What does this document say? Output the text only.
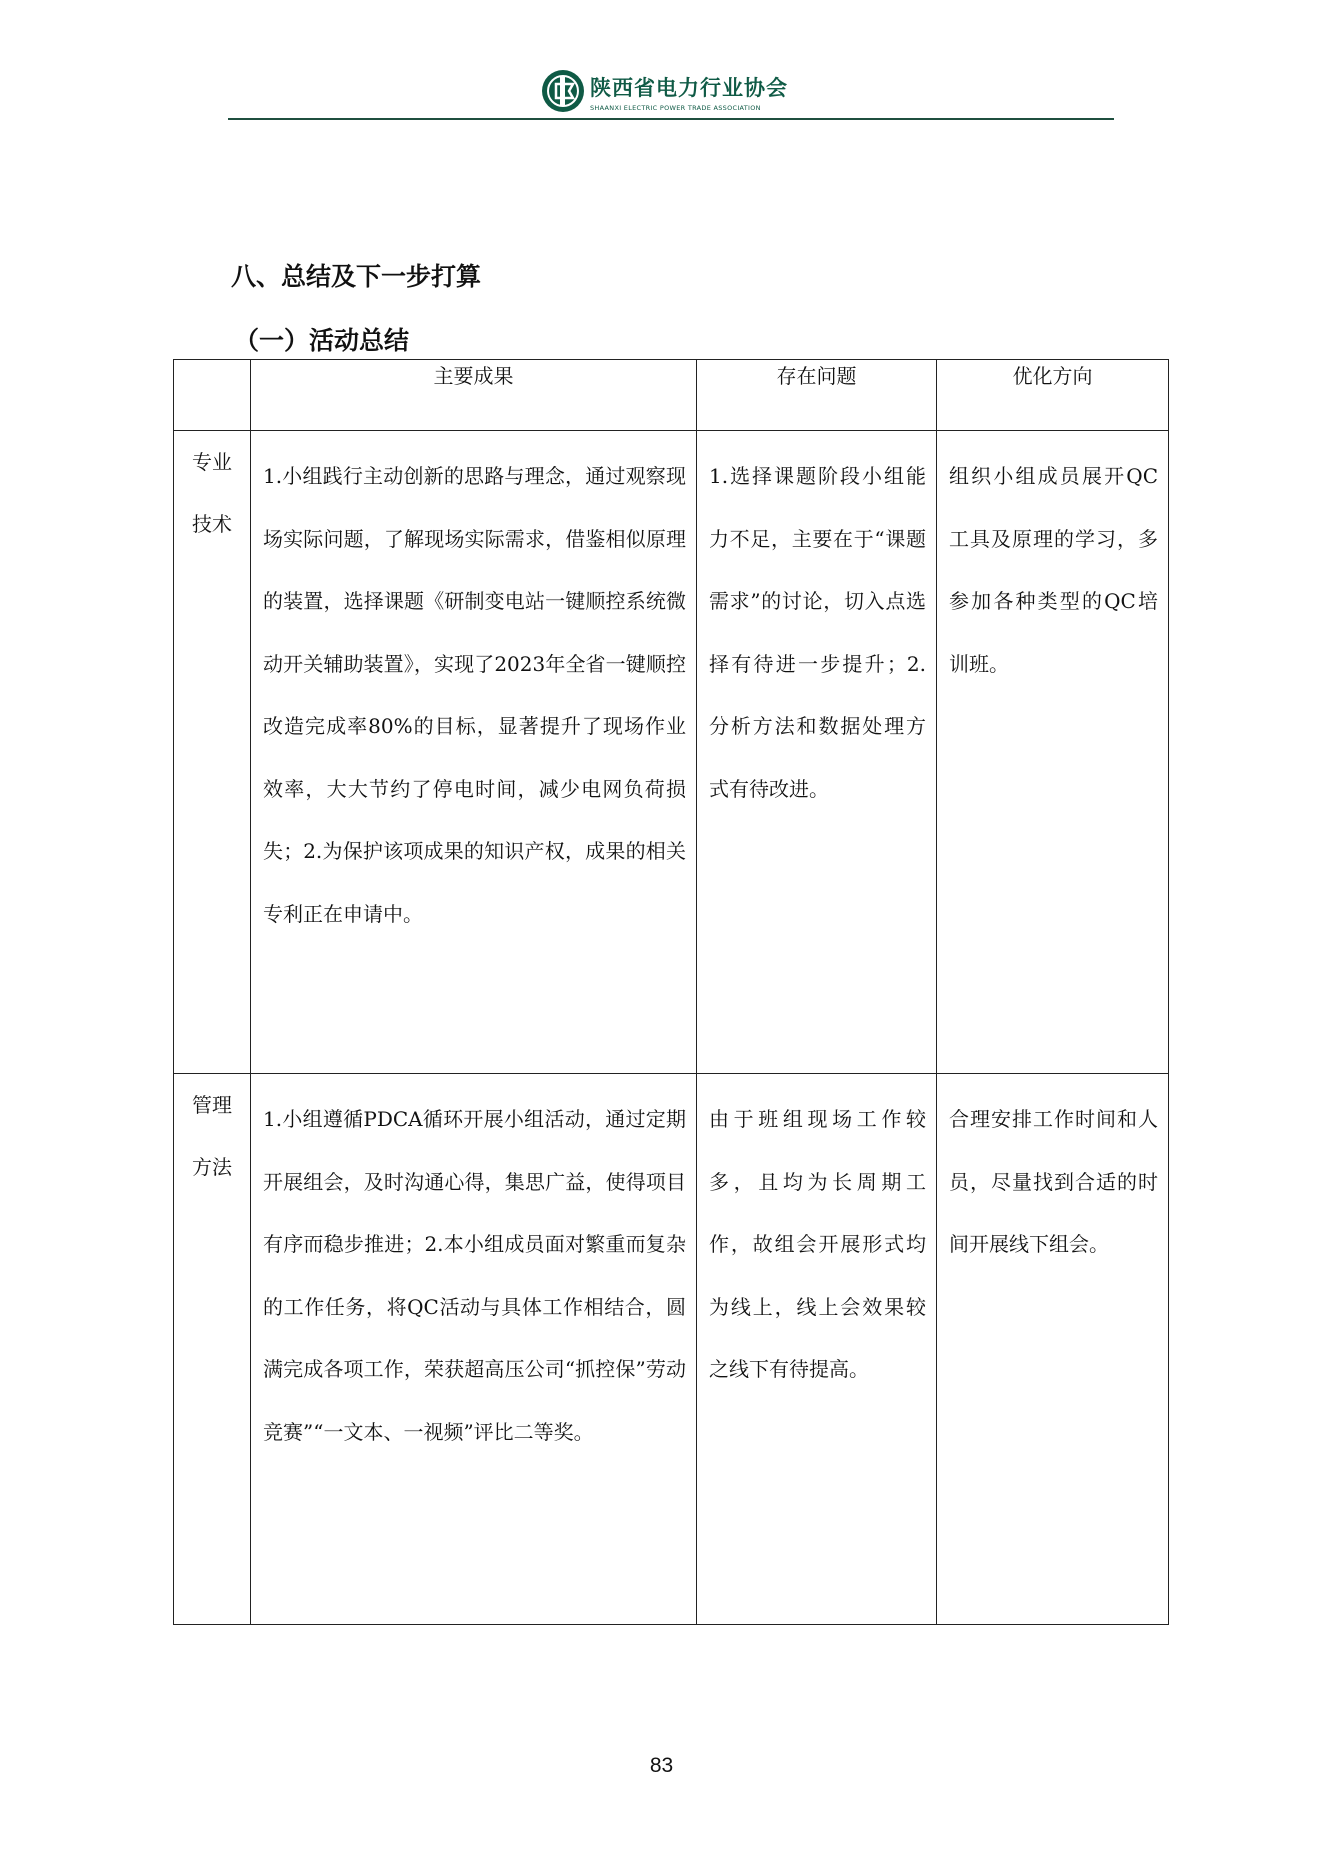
陕西省电力行业协会
SHAANXI ELECTRIC POWER TRADE ASSOCIATION
八、总结及下一步打算
（一）活动总结
	主要成果	存在问题	优化方向
专业
技术	1.小组践行主动创新的思路与理念，通过观察现场实际问题，了解现场实际需求，借鉴相似原理的装置，选择课题《研制变电站一键顺控系统微动开关辅助装置》，实现了2023年全省一键顺控改造完成率80%的目标，显著提升了现场作业效率，大大节约了停电时间，减少电网负荷损失；2.为保护该项成果的知识产权，成果的相关专利正在申请中。	1.选择课题阶段小组能力不足，主要在于“课题需求”的讨论，切入点选择有待进一步提升；2.分析方法和数据处理方式有待改进。	组织小组成员展开QC工具及原理的学习，多参加各种类型的QC培训班。
管理
方法	1.小组遵循PDCA循环开展小组活动，通过定期开展组会，及时沟通心得，集思广益，使得项目有序而稳步推进；2.本小组成员面对繁重而复杂的工作任务，将QC活动与具体工作相结合，圆满完成各项工作，荣获超高压公司“抓控保”劳动竞赛”“一文本、一视频”评比二等奖。	由于班组现场工作较多，且均为长周期工作，故组会开展形式均为线上，线上会效果较之线下有待提高。	合理安排工作时间和人员，尽量找到合适的时间开展线下组会。
83
